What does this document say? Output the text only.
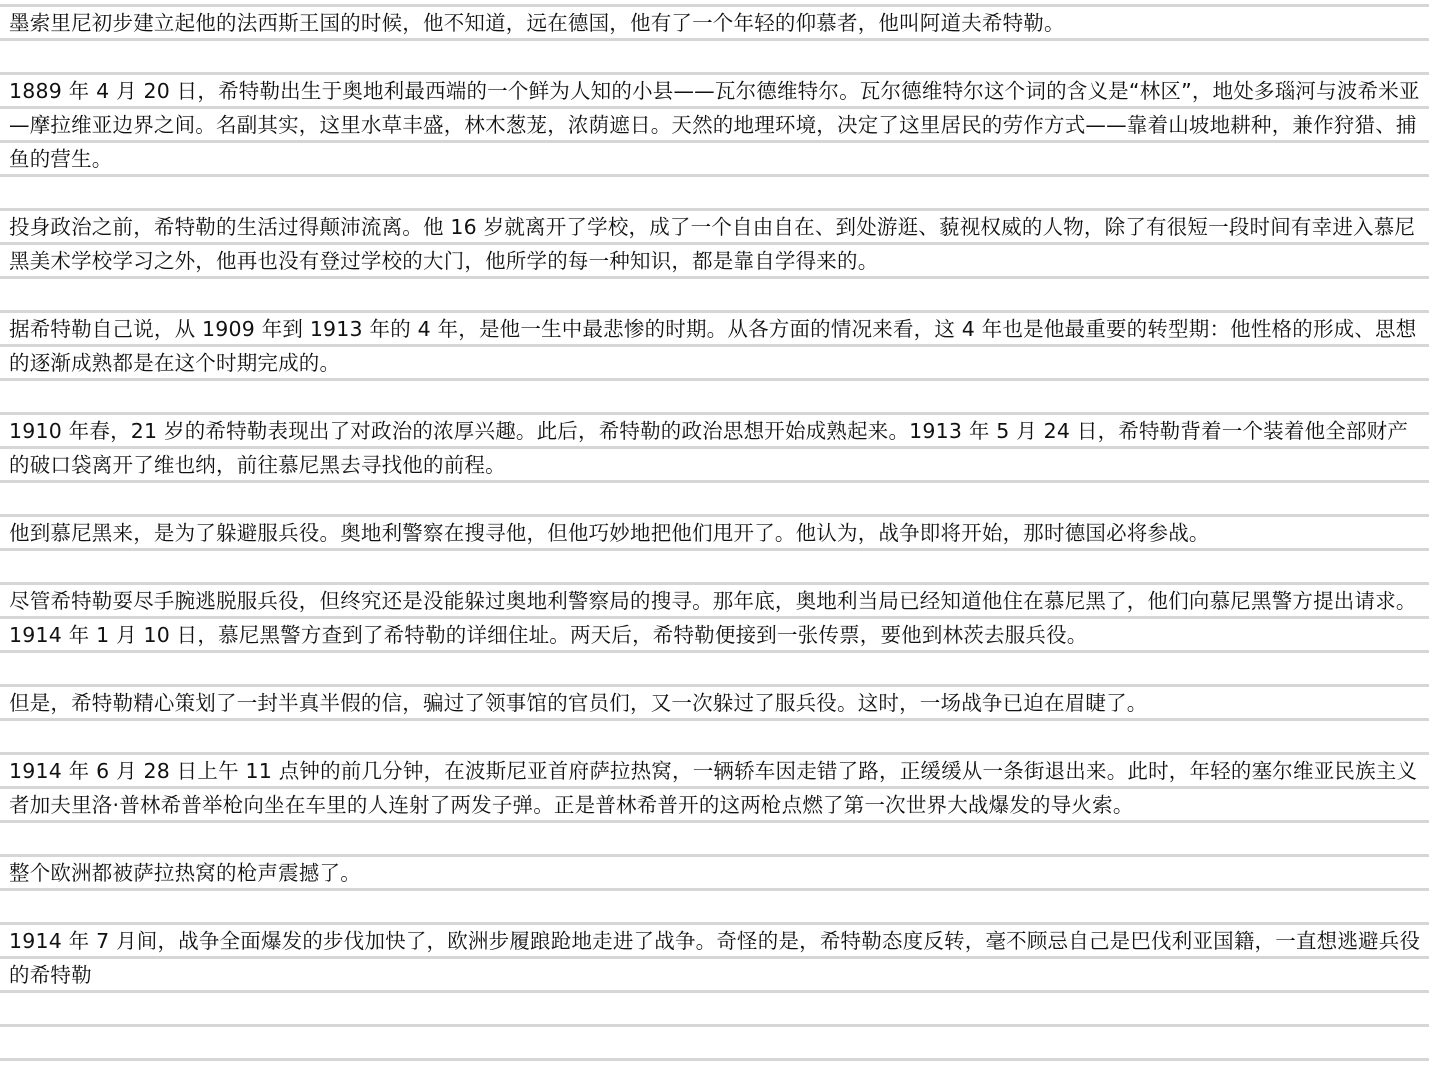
墨索里尼初步建立起他的法西斯王国的时候，他不知道，远在德国，他有了一个年轻的仰慕者，他叫阿道夫希特勒。

1889 年 4 月 20 日，希特勒出生于奥地利最西端的一个鲜为人知的小县——瓦尔德维特尔。瓦尔德维特尔这个词的含义是“林区”，地处多瑙河与波希米亚—摩拉维亚边界之间。名副其实，这里水草丰盛，林木葱茏，浓荫遮日。天然的地理环境，决定了这里居民的劳作方式——靠着山坡地耕种，兼作狩猎、捕鱼的营生。

投身政治之前，希特勒的生活过得颠沛流离。他 16 岁就离开了学校，成了一个自由自在、到处游逛、藐视权威的人物，除了有很短一段时间有幸进入慕尼黑美术学校学习之外，他再也没有登过学校的大门，他所学的每一种知识，都是靠自学得来的。

据希特勒自己说，从 1909 年到 1913 年的 4 年，是他一生中最悲惨的时期。从各方面的情况来看，这 4 年也是他最重要的转型期：他性格的形成、思想的逐渐成熟都是在这个时期完成的。

1910 年春，21 岁的希特勒表现出了对政治的浓厚兴趣。此后，希特勒的政治思想开始成熟起来。1913 年 5 月 24 日，希特勒背着一个装着他全部财产的破口袋离开了维也纳，前往慕尼黑去寻找他的前程。

他到慕尼黑来，是为了躲避服兵役。奥地利警察在搜寻他，但他巧妙地把他们甩开了。他认为，战争即将开始，那时德国必将参战。

尽管希特勒耍尽手腕逃脱服兵役，但终究还是没能躲过奥地利警察局的搜寻。那年底，奥地利当局已经知道他住在慕尼黑了，他们向慕尼黑警方提出请求。1914 年 1 月 10 日，慕尼黑警方查到了希特勒的详细住址。两天后，希特勒便接到一张传票，要他到林茨去服兵役。

但是，希特勒精心策划了一封半真半假的信，骗过了领事馆的官员们，又一次躲过了服兵役。这时，一场战争已迫在眉睫了。

1914 年 6 月 28 日上午 11 点钟的前几分钟，在波斯尼亚首府萨拉热窝，一辆轿车因走错了路，正缓缓从一条街退出来。此时，年轻的塞尔维亚民族主义者加夫里洛·普林希普举枪向坐在车里的人连射了两发子弹。正是普林希普开的这两枪点燃了第一次世界大战爆发的导火索。

整个欧洲都被萨拉热窝的枪声震撼了。

1914 年 7 月间，战争全面爆发的步伐加快了，欧洲步履踉跄地走进了战争。奇怪的是，希特勒态度反转，毫不顾忌自己是巴伐利亚国籍，一直想逃避兵役的希特勒
